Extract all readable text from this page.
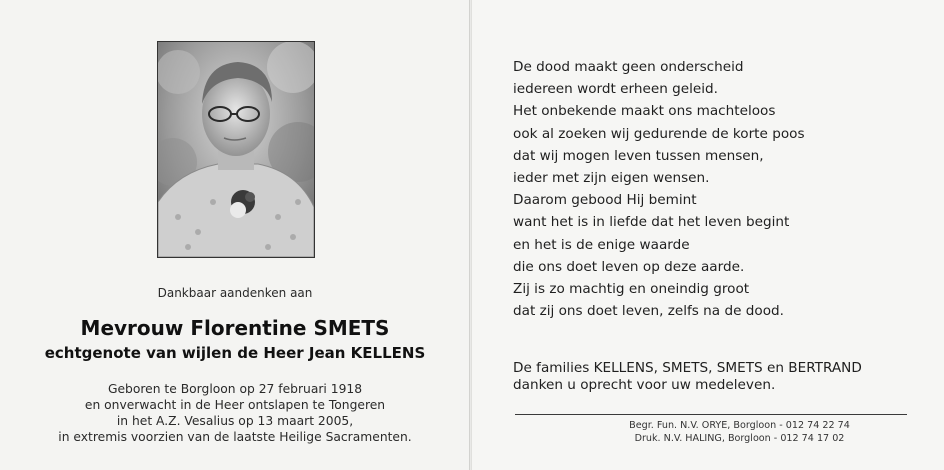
Dankbaar aandenken aan
Mevrouw Florentine SMETS
echtgenote van wijlen de Heer Jean KELLENS
Geboren te Borgloon op 27 februari 1918
en onverwacht in de Heer ontslapen te Tongeren
in het A.Z. Vesalius op 13 maart 2005,
in extremis voorzien van de laatste Heilige Sacramenten.
De dood maakt geen onderscheid
iedereen wordt erheen geleid.
Het onbekende maakt ons machteloos
ook al zoeken wij gedurende de korte poos
dat wij mogen leven tussen mensen,
ieder met zijn eigen wensen.
Daarom gebood Hij bemint
want het is in liefde dat het leven begint
en het is de enige waarde
die ons doet leven op deze aarde.
Zij is zo machtig en oneindig groot
dat zij ons doet leven, zelfs na de dood.
De families KELLENS, SMETS, SMETS en BERTRAND
danken u oprecht voor uw medeleven.
Begr. Fun. N.V. ORYE, Borgloon - 012 74 22 74
Druk. N.V. HALING, Borgloon - 012 74 17 02
